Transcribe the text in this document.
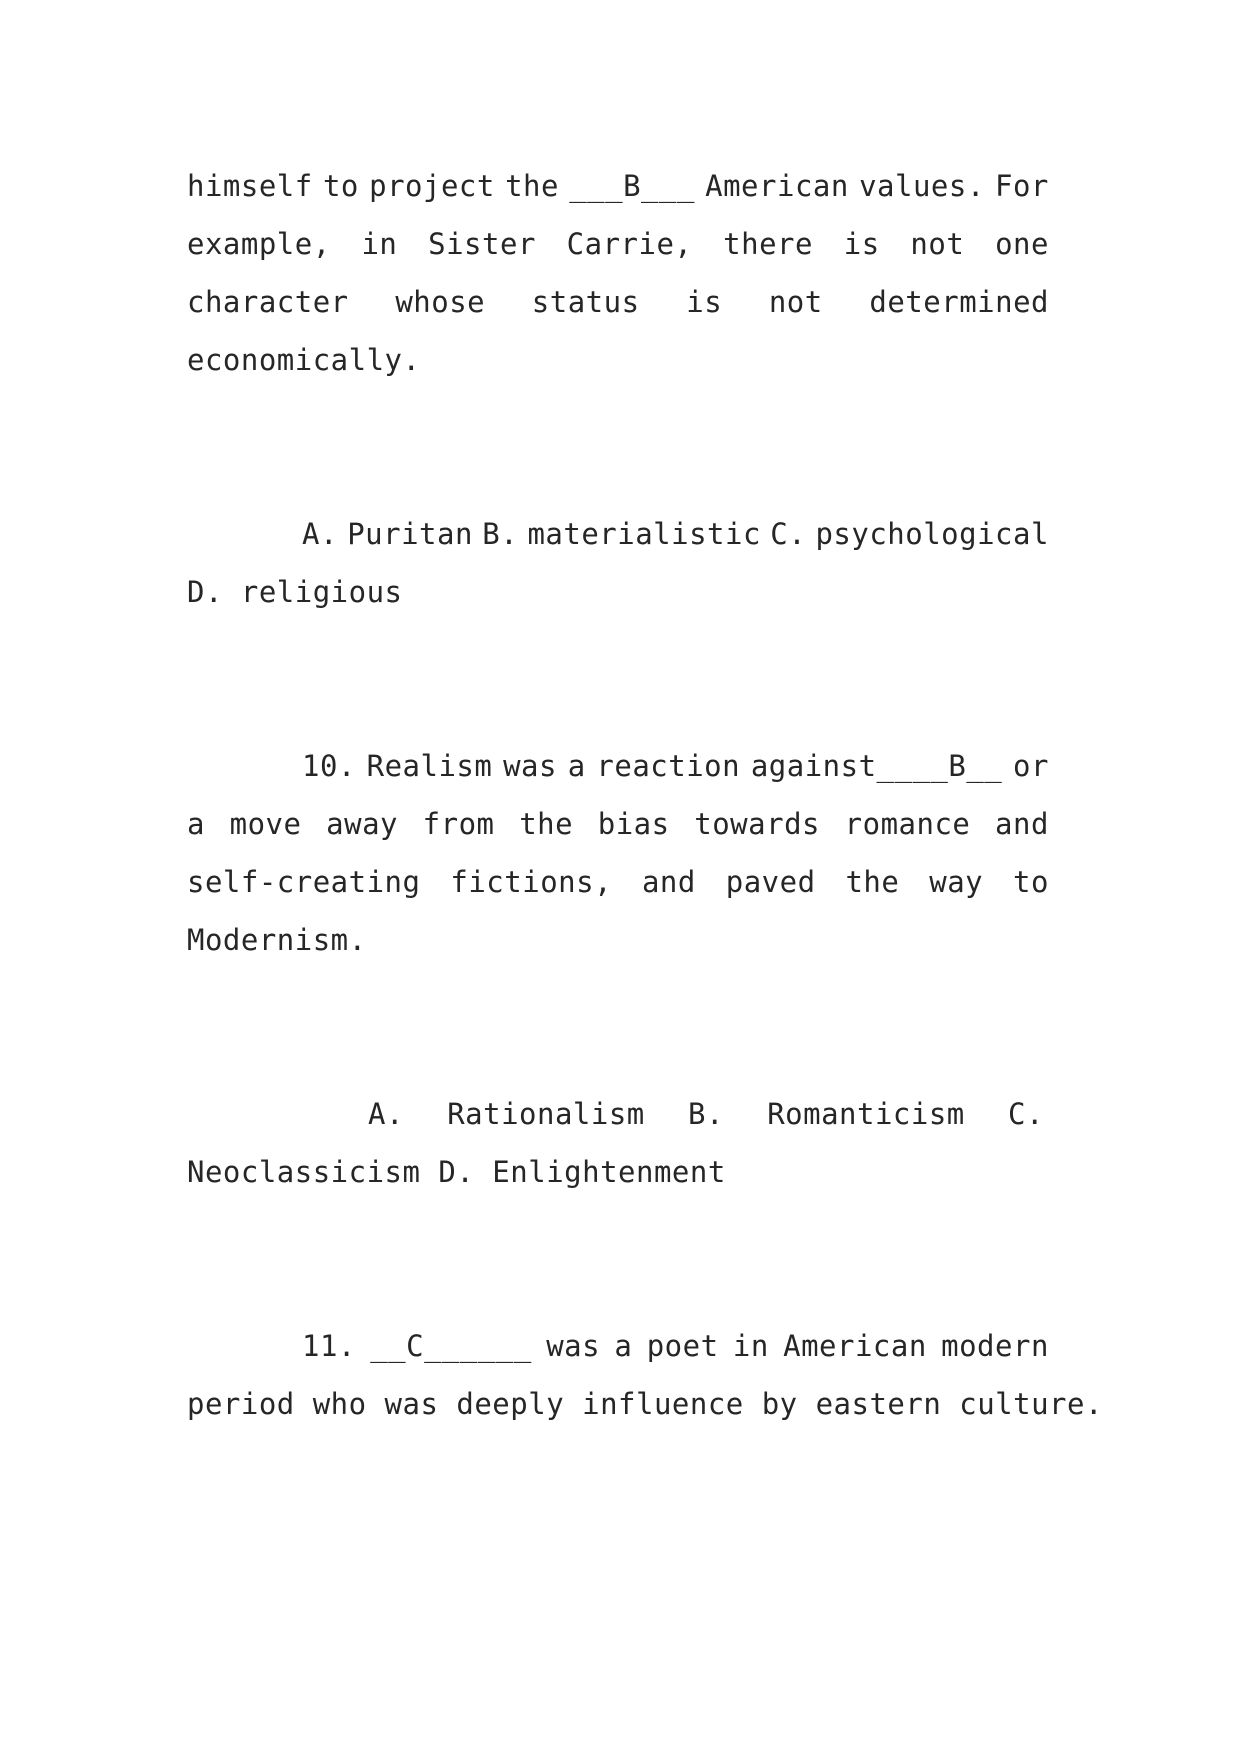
himself to project the ___B___ American values. For
example, in Sister Carrie, there is not one
character whose status is not determined
economically.
A. Puritan B. materialistic C. psychological
D. religious
10. Realism was a reaction against____B__ or
a move away from the bias towards romance and
self-creating fictions, and paved the way to
Modernism.
A. Rationalism B. Romanticism C.
Neoclassicism D. Enlightenment
11. __C______ was a poet in American modern
period who was deeply influence by eastern culture.
